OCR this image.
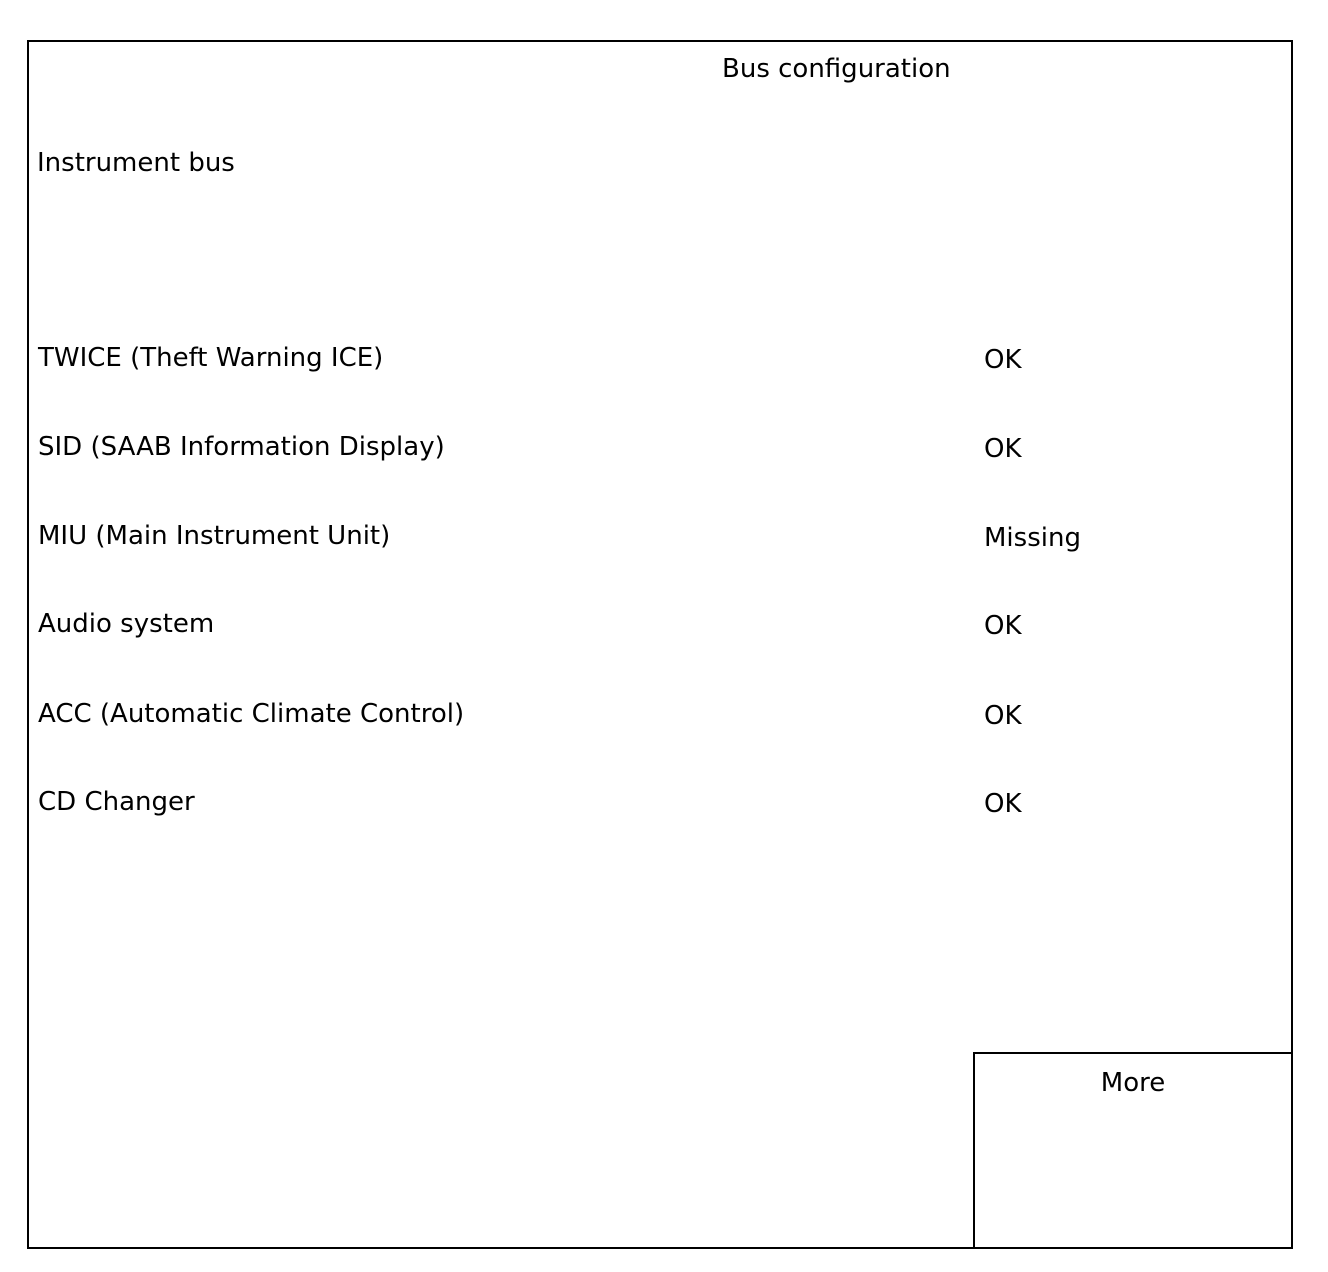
Bus configuration
Instrument bus
TWICE (Theft Warning ICE)	OK
SID (SAAB Information Display)	OK
MIU (Main Instrument Unit)	Missing
Audio system	OK
ACC (Automatic Climate Control)	OK
CD Changer	OK
More
